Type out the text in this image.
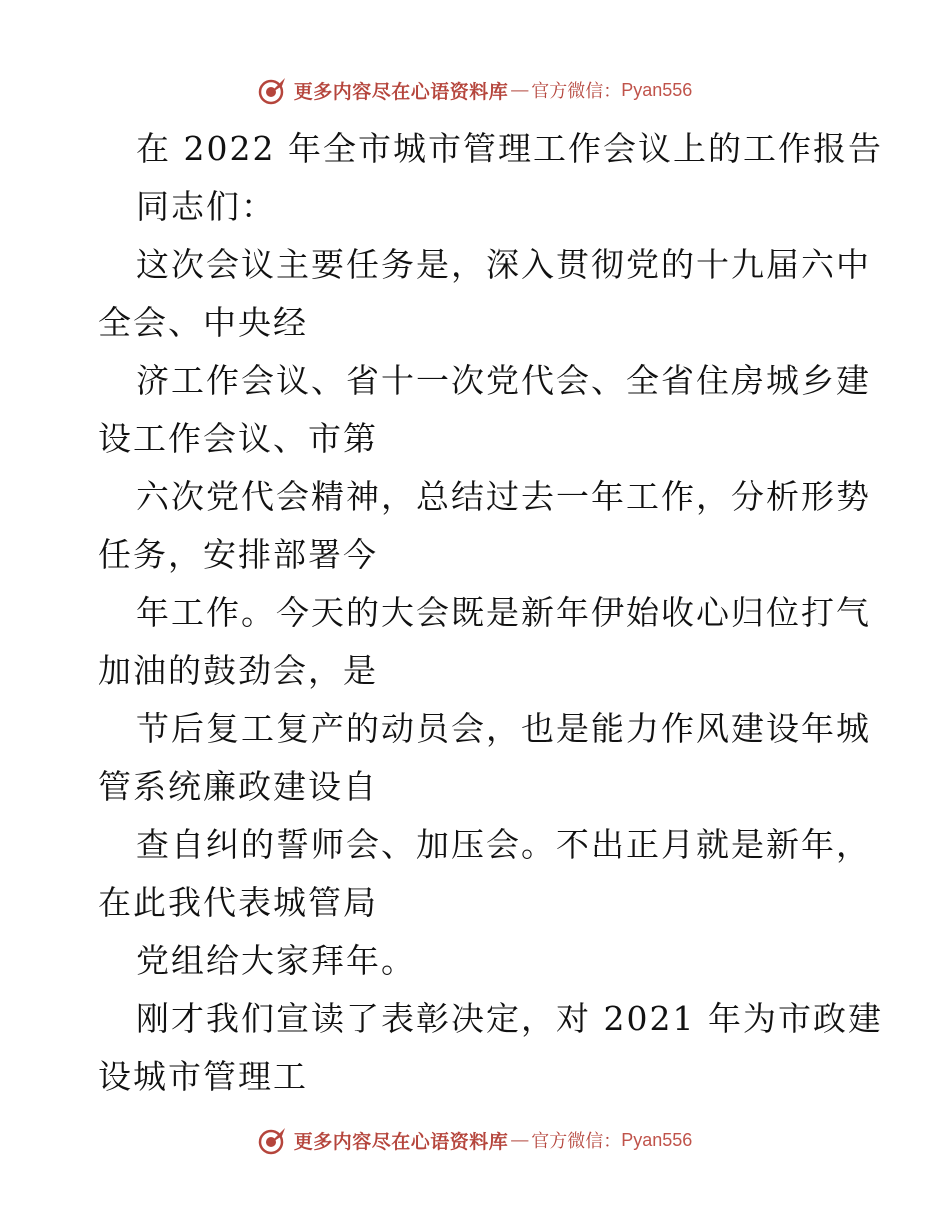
更多内容尽在心语资料库 — 官方微信： Pyan556
在 2022 年全市城市管理工作会议上的工作报告
同志们：
这次会议主要任务是，深入贯彻党的十九届六中
全会、中央经
济工作会议、省十一次党代会、全省住房城乡建
设工作会议、市第
六次党代会精神，总结过去一年工作，分析形势
任务，安排部署今
年工作。今天的大会既是新年伊始收心归位打气
加油的鼓劲会，是
节后复工复产的动员会，也是能力作风建设年城
管系统廉政建设自
查自纠的誓师会、加压会。不出正月就是新年，
在此我代表城管局
党组给大家拜年。
刚才我们宣读了表彰决定，对 2021 年为市政建
设城市管理工
更多内容尽在心语资料库 — 官方微信： Pyan556
